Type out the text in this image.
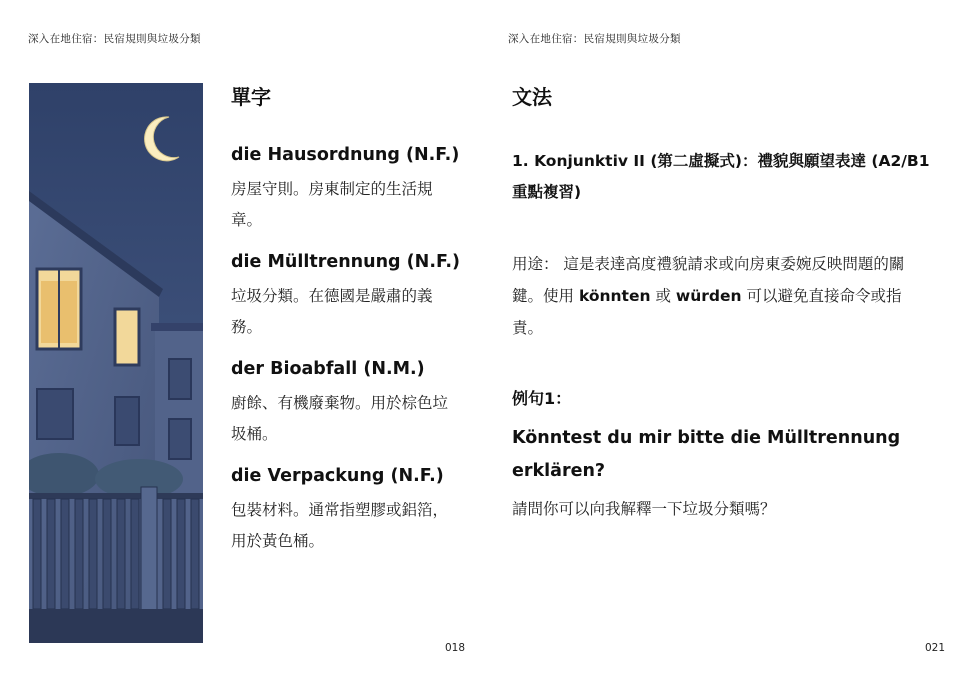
深入在地住宿：民宿規則與垃圾分類
單字
die Hausordnung (N.F.)
房屋守則。房東制定的生活規章。
die Mülltrennung (N.F.)
垃圾分類。在德國是嚴肅的義務。
der Bioabfall (N.M.)
廚餘、有機廢棄物。用於棕色垃圾桶。
die Verpackung (N.F.)
包裝材料。通常指塑膠或鋁箔，用於黃色桶。
018
深入在地住宿：民宿規則與垃圾分類
文法
1. Konjunktiv II (第二虛擬式)：禮貌與願望表達 (A2/B1 重點複習)
用途： 這是表達高度禮貌請求或向房東委婉反映問題的關鍵。使用 könnten 或 würden 可以避免直接命令或指責。
例句1：
Könntest du mir bitte die Mülltrennung erklären?
請問你可以向我解釋一下垃圾分類嗎？
021
